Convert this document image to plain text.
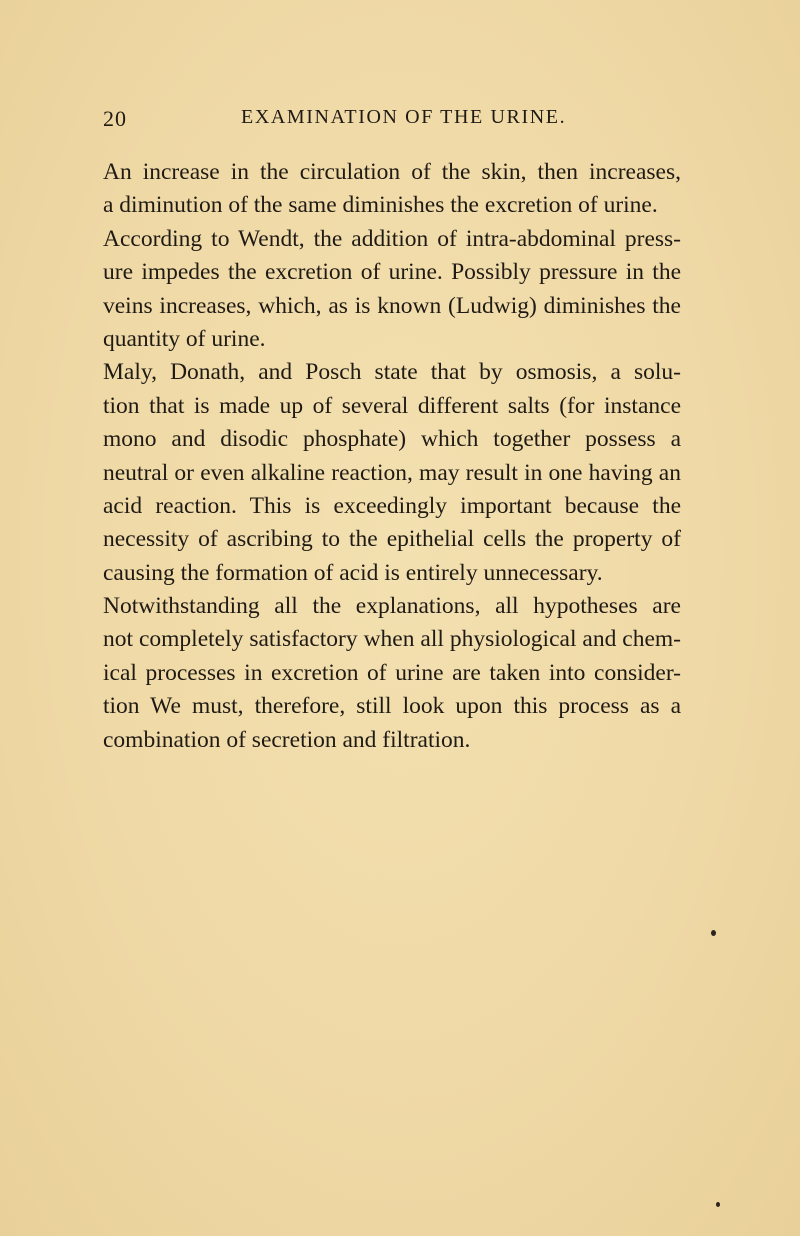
20	EXAMINATION OF THE URINE.
An increase in the circulation of the skin, then increases,
a diminution of the same diminishes the excretion of urine.
According to Wendt, the addition of intra-abdominal press-
ure impedes the excretion of urine. Possibly pressure in the
veins increases, which, as is known (Ludwig) diminishes the
quantity of urine.
Maly, Donath, and Posch state that by osmosis, a solu-
tion that is made up of several different salts (for instance
mono and disodic phosphate) which together possess a
neutral or even alkaline reaction, may result in one having an
acid reaction. This is exceedingly important because the
necessity of ascribing to the epithelial cells the property of
causing the formation of acid is entirely unnecessary.
Notwithstanding all the explanations, all hypotheses are
not completely satisfactory when all physiological and chem-
ical processes in excretion of urine are taken into consider-
tion We must, therefore, still look upon this process as a
combination of secretion and filtration.
